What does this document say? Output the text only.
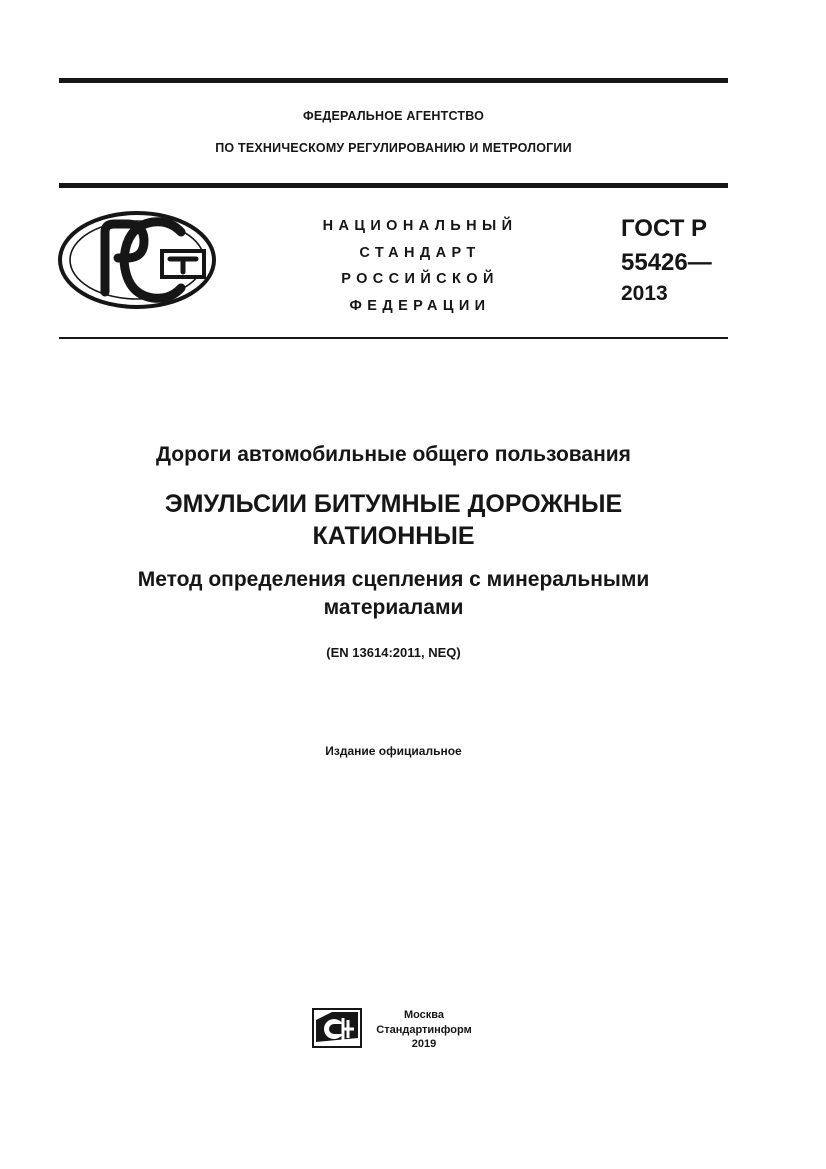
ФЕДЕРАЛЬНОЕ АГЕНТСТВО
ПО ТЕХНИЧЕСКОМУ РЕГУЛИРОВАНИЮ И МЕТРОЛОГИИ
НАЦИОНАЛЬНЫЙ
СТАНДАРТ
РОССИЙСКОЙ
ФЕДЕРАЦИИ
ГОСТ Р
55426—
2013
Дороги автомобильные общего пользования
ЭМУЛЬСИИ БИТУМНЫЕ ДОРОЖНЫЕ
КАТИОННЫЕ
Метод определения сцепления с минеральными
материалами
(EN 13614:2011, NEQ)
Издание официальное
Москва
Стандартинформ
2019
